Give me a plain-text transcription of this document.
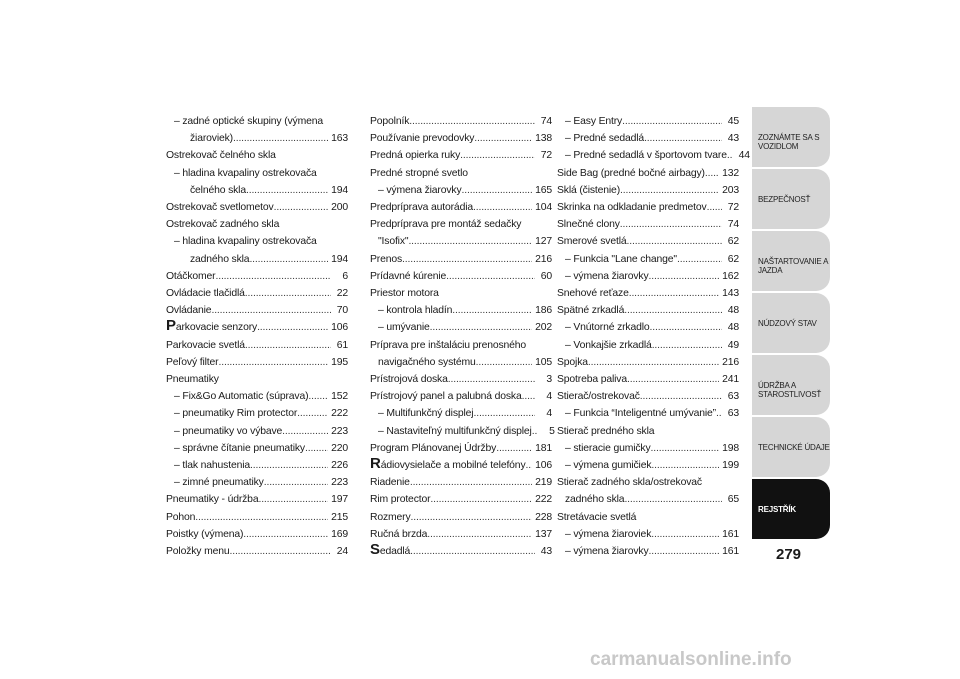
– zadné optické skupiny (výmena
žiaroviek) .....	163
Ostrekovač čelného skla
– hladina kvapaliny ostrekovača
čelného skla .....	194
Ostrekovač svetlometov .....	200
Ostrekovač zadného skla
– hladina kvapaliny ostrekovača
zadného skla .....	194
Otáčkomer .....	6
Ovládacie tlačidlá .....	22
Ovládanie .....	70
Parkovacie senzory .....	106
Parkovacie svetlá .....	61
Peľový filter .....	195
Pneumatiky
– Fix&Go Automatic (súprava) ..... 152
– pneumatiky Rim protector .....	222
– pneumatiky vo výbave .....	223
– správne čítanie pneumatiky .....	220
– tlak nahustenia .....	226
– zimné pneumatiky .....	223
Pneumatiky - údržba .....	197
Pohon .....	215
Poistky (výmena) .....	169
Položky menu .....	24
Popolník .....	74
Používanie prevodovky .....	138
Predná opierka ruky .....	72
Predné stropné svetlo
– výmena žiarovky .....	165
Predpríprava autorádia .....	104
Predpríprava pre montáž sedačky
"Isofix" .....	127
Prenos .....	216
Prídavné kúrenie .....	60
Priestor motora
– kontrola hladín .....	186
– umývanie .....	202
Príprava pre inštaláciu prenosného
navigačného systému .....	105
Prístrojová doska .....	3
Prístrojový panel a palubná doska .....	4
– Multifunkčný displej .....	4
– Nastaviteľný multifunkčný displej .....	5
Program Plánovanej Údržby .....	181
Rádiovysielače a mobilné telefóny ..... 106
Riadenie .....	219
Rim protector .....	222
Rozmery .....	228
Ručná brzda .....	137
Sedadlá .....	43
– Easy Entry .....	45
– Predné sedadlá .....	43
– Predné sedadlá v športovom tvare .....	44
Side Bag (predné bočné airbagy) ..... 132
Sklá (čistenie) .....	203
Skrinka na odkladanie predmetov .....	72
Slnečné clony .....	74
Smerové svetlá .....	62
– Funkcia "Lane change" .....	62
– výmena žiarovky .....	162
Snehové reťaze .....	143
Spätné zrkadlá .....	48
– Vnútorné zrkadlo .....	48
– Vonkajšie zrkadlá .....	49
Spojka .....	216
Spotreba paliva .....	241
Stierač/ostrekovač .....	63
– Funkcia “Inteligentné umývanie” .....	63
Stierač predného skla
– stieracie gumičky .....	198
– výmena gumičiek .....	199
Stierač zadného skla/ostrekovač
zadného skla .....	65
Stretávacie svetlá
– výmena žiaroviek .....	161
– výmena žiarovky .....	161
ZOZNÁMTE SA S VOZIDLOM
BEZPEČNOSŤ
NAŠTARTOVANIE A JAZDA
NÚDZOVÝ STAV
ÚDRŽBA A STAROSTLIVOSŤ
TECHNICKÉ ÚDAJE
REJSTŘÍK
279
carmanualsonline.info
